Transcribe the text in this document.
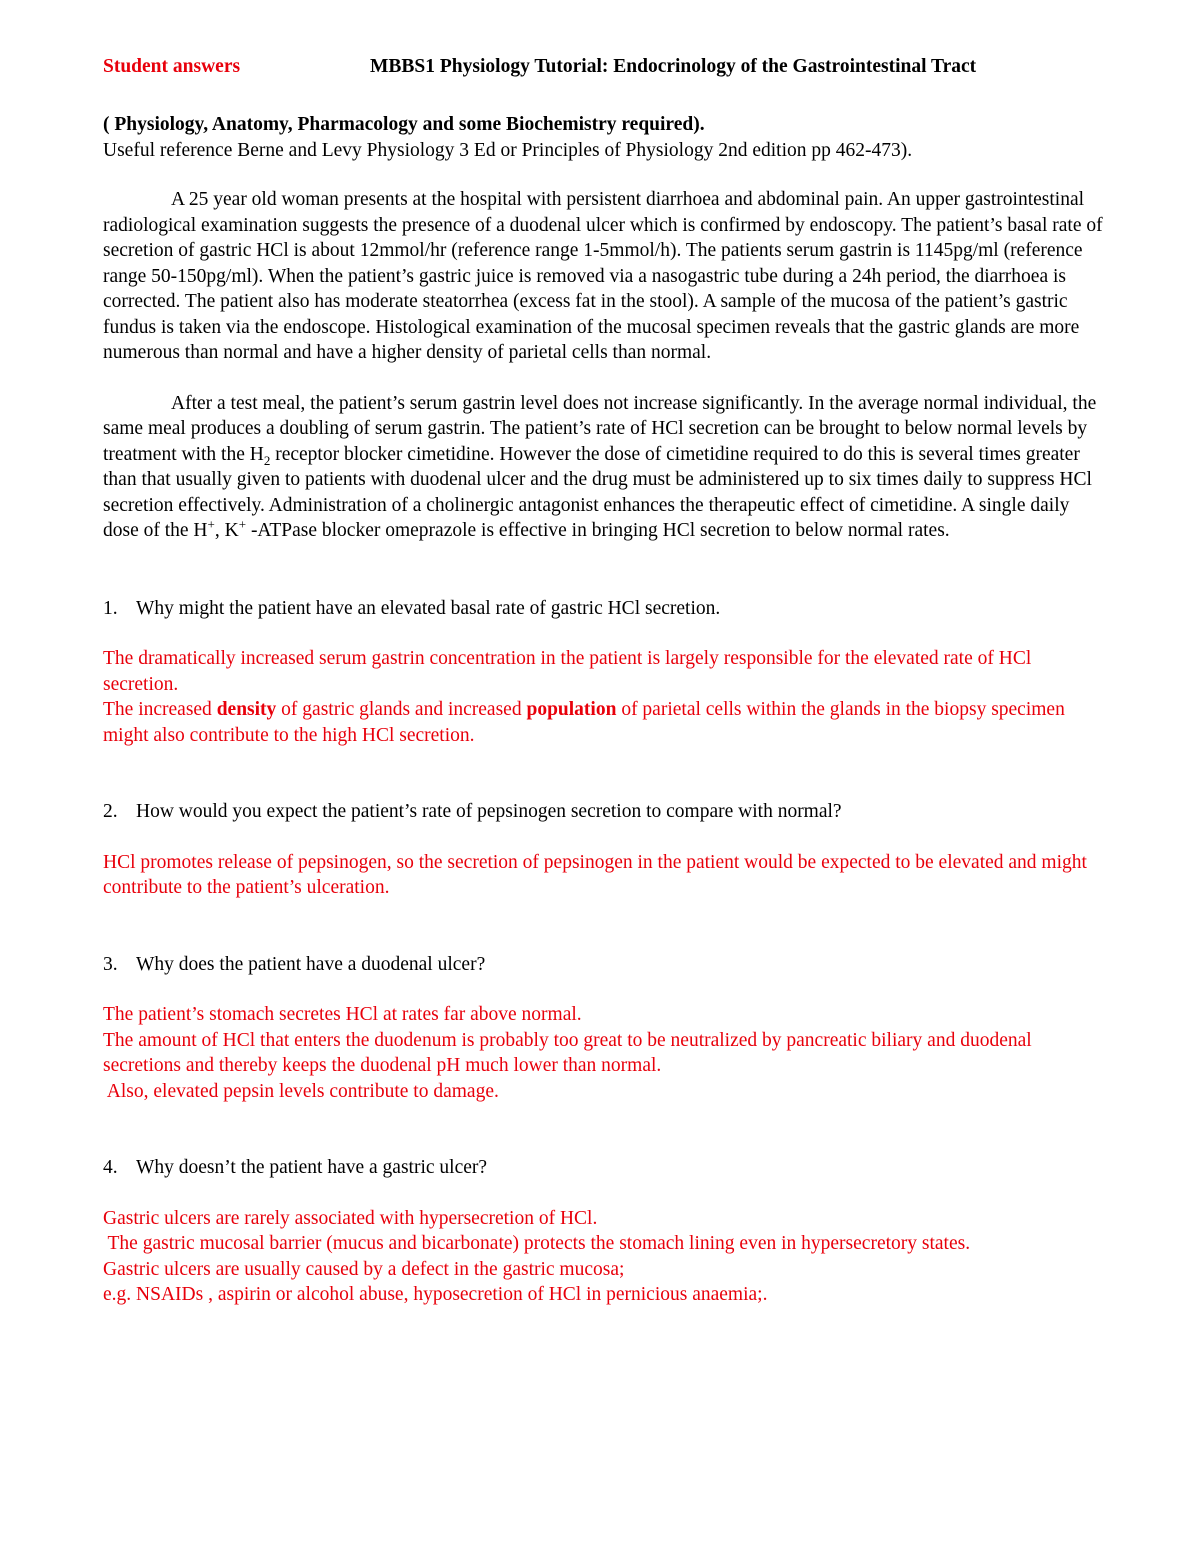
Student answers	MBBS1 Physiology Tutorial: Endocrinology of the Gastrointestinal Tract
( Physiology, Anatomy, Pharmacology and some Biochemistry required).
Useful reference Berne and Levy Physiology 3 Ed or Principles of Physiology 2nd edition pp 462-473).
A 25 year old woman presents at the hospital with persistent diarrhoea and abdominal pain. An upper gastrointestinal radiological examination suggests the presence of a duodenal ulcer which is confirmed by endoscopy. The patient’s basal rate of secretion of gastric HCl is about 12mmol/hr (reference range 1-5mmol/h). The patients serum gastrin is 1145pg/ml (reference range 50-150pg/ml). When the patient’s gastric juice is removed via a nasogastric tube during a 24h period, the diarrhoea is corrected. The patient also has moderate steatorrhea (excess fat in the stool). A sample of the mucosa of the patient’s gastric fundus is taken via the endoscope. Histological examination of the mucosal specimen reveals that the gastric glands are more numerous than normal and have a higher density of parietal cells than normal.
After a test meal, the patient’s serum gastrin level does not increase significantly. In the average normal individual, the same meal produces a doubling of serum gastrin. The patient’s rate of HCl secretion can be brought to below normal levels by treatment with the $H_2$ receptor blocker cimetidine. However the dose of cimetidine required to do this is several times greater than that usually given to patients with duodenal ulcer and the drug must be administered up to six times daily to suppress HCl secretion effectively. Administration of a cholinergic antagonist enhances the therapeutic effect of cimetidine. A single daily dose of the H+, K+ -ATPase blocker omeprazole is effective in bringing HCl secretion to below normal rates.
1. Why might the patient have an elevated basal rate of gastric HCl secretion.
The dramatically increased serum gastrin concentration in the patient is largely responsible for the elevated rate of HCl secretion.
The increased density of gastric glands and increased population of parietal cells within the glands in the biopsy specimen might also contribute to the high HCl secretion.
2. How would you expect the patient’s rate of pepsinogen secretion to compare with normal?
HCl promotes release of pepsinogen, so the secretion of pepsinogen in the patient would be expected to be elevated and might contribute to the patient’s ulceration.
3. Why does the patient have a duodenal ulcer?
The patient’s stomach secretes HCl at rates far above normal.
The amount of HCl that enters the duodenum is probably too great to be neutralized by pancreatic biliary and duodenal secretions and thereby keeps the duodenal pH much lower than normal.
Also, elevated pepsin levels contribute to damage.
4. Why doesn’t the patient have a gastric ulcer?
Gastric ulcers are rarely associated with hypersecretion of HCl.
The gastric mucosal barrier (mucus and bicarbonate) protects the stomach lining even in hypersecretory states.
Gastric ulcers are usually caused by a defect in the gastric mucosa;
e.g. NSAIDs , aspirin or alcohol abuse, hyposecretion of HCl in pernicious anaemia;.
